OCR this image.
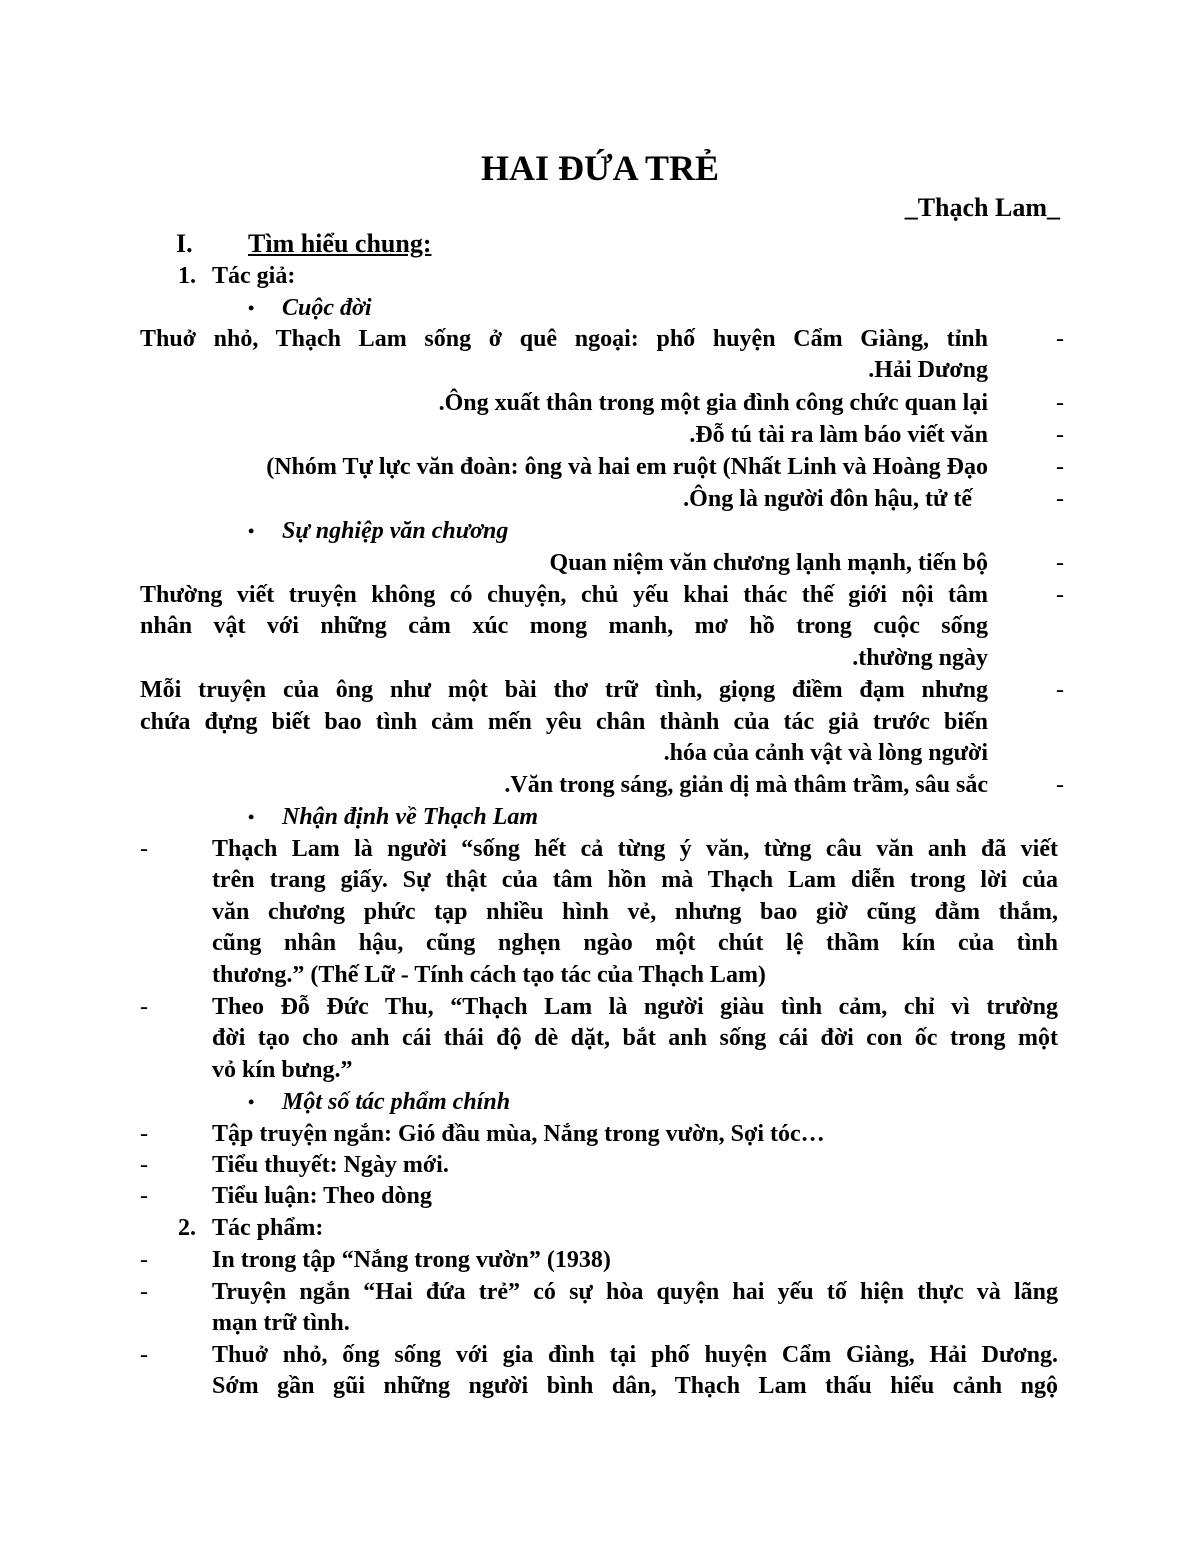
HAI ĐỨA TRẺ
_Thạch Lam_
I. Tìm hiểu chung:
1. Tác giả:
• Cuộc đời
-
Thuở nhỏ, Thạch Lam sống ở quê ngoại: phố huyện Cẩm Giàng, tỉnh
.Hải Dương
-
.Ông xuất thân trong một gia đình công chức quan lại
-
.Đỗ tú tài ra làm báo viết văn
-
(Nhóm Tự lực văn đoàn: ông và hai em ruột (Nhất Linh và Hoàng Đạo
-
.Ông là người đôn hậu, tử tế
• Sự nghiệp văn chương
-
Quan niệm văn chương lạnh mạnh, tiến bộ
-
Thường viết truyện không có chuyện, chủ yếu khai thác thế giới nội tâm
nhân vật với những cảm xúc mong manh, mơ hồ trong cuộc sống
.thường ngày
-
Mỗi truyện của ông như một bài thơ trữ tình, giọng điềm đạm nhưng
chứa đựng biết bao tình cảm mến yêu chân thành của tác giả trước biến
.hóa của cảnh vật và lòng người
-
.Văn trong sáng, giản dị mà thâm trầm, sâu sắc
• Nhận định về Thạch Lam
-	Thạch Lam là người “sống hết cả từng ý văn, từng câu văn anh đã viết
trên trang giấy. Sự thật của tâm hồn mà Thạch Lam diễn trong lời của
văn chương phức tạp nhiều hình vẻ, nhưng bao giờ cũng đằm thắm,
cũng nhân hậu, cũng nghẹn ngào một chút lệ thầm kín của tình
thương.” (Thế Lữ - Tính cách tạo tác của Thạch Lam)
-	Theo Đỗ Đức Thu, “Thạch Lam là người giàu tình cảm, chỉ vì trường
đời tạo cho anh cái thái độ dè dặt, bắt anh sống cái đời con ốc trong một
vỏ kín bưng.”
• Một số tác phẩm chính
-	Tập truyện ngắn: Gió đầu mùa, Nắng trong vườn, Sợi tóc…
-	Tiểu thuyết: Ngày mới.
-	Tiểu luận: Theo dòng
2. Tác phẩm:
-	In trong tập “Nắng trong vườn” (1938)
-	Truyện ngắn “Hai đứa trẻ” có sự hòa quyện hai yếu tố hiện thực và lãng
mạn trữ tình.
-	Thuở nhỏ, ống sống với gia đình tại phố huyện Cẩm Giàng, Hải Dương.
Sớm gần gũi những người bình dân, Thạch Lam thấu hiểu cảnh ngộ
